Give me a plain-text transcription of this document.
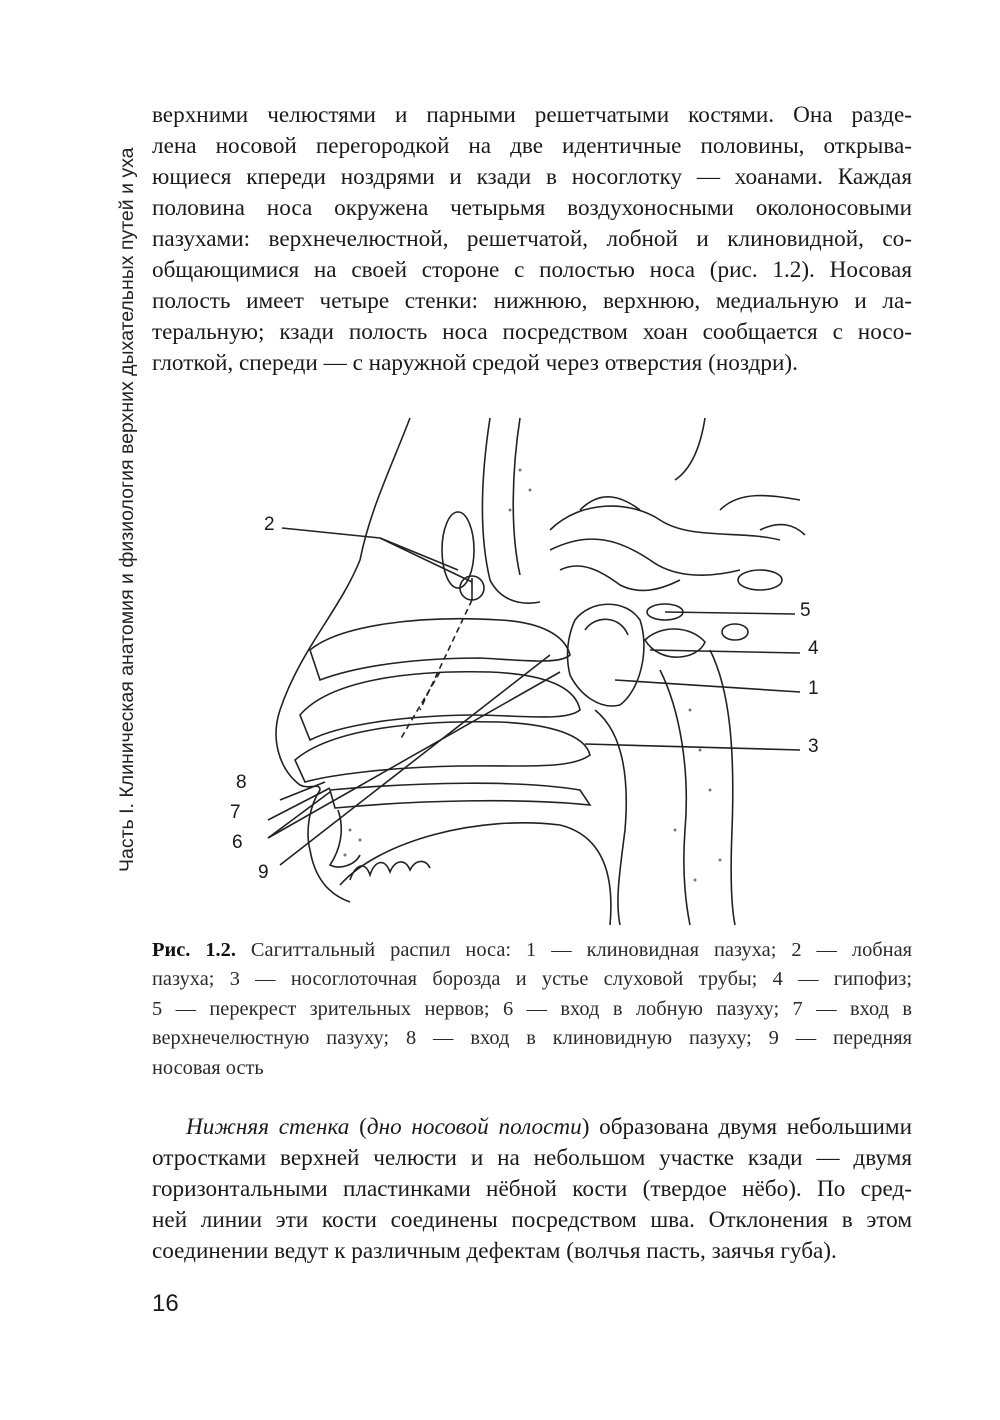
Часть I. Клиническая анатомия и физиология верхних дыхательных путей и уха
верхними челюстями и парными решетчатыми костями. Она разде-
лена носовой перегородкой на две идентичные половины, открыва-
ющиеся кпереди ноздрями и кзади в носоглотку — хоанами. Каждая
половина носа окружена четырьмя воздухоносными околоносовыми
пазухами: верхнечелюстной, решетчатой, лобной и клиновидной, со-
общающимися на своей стороне с полостью носа (рис. 1.2). Носовая
полость имеет четыре стенки: нижнюю, верхнюю, медиальную и ла-
теральную; кзади полость носа посредством хоан сообщается с носо-
глоткой, спереди — с наружной средой через отверстия (ноздри).
2
5
4
1
3
8
7
6
9
Рис. 1.2. Сагиттальный распил носа: 1 — клиновидная пазуха; 2 — лобная
пазуха; 3 — носоглоточная борозда и устье слуховой трубы; 4 — гипофиз;
5 — перекрест зрительных нервов; 6 — вход в лобную пазуху; 7 — вход в
верхнечелюстную пазуху; 8 — вход в клиновидную пазуху; 9 — передняя
носовая ость
Нижняя стенка (дно носовой полости) образована двумя небольшими
отростками верхней челюсти и на небольшом участке кзади — двумя
горизонтальными пластинками нёбной кости (твердое нёбо). По сред-
ней линии эти кости соединены посредством шва. Отклонения в этом
соединении ведут к различным дефектам (волчья пасть, заячья губа).
16
